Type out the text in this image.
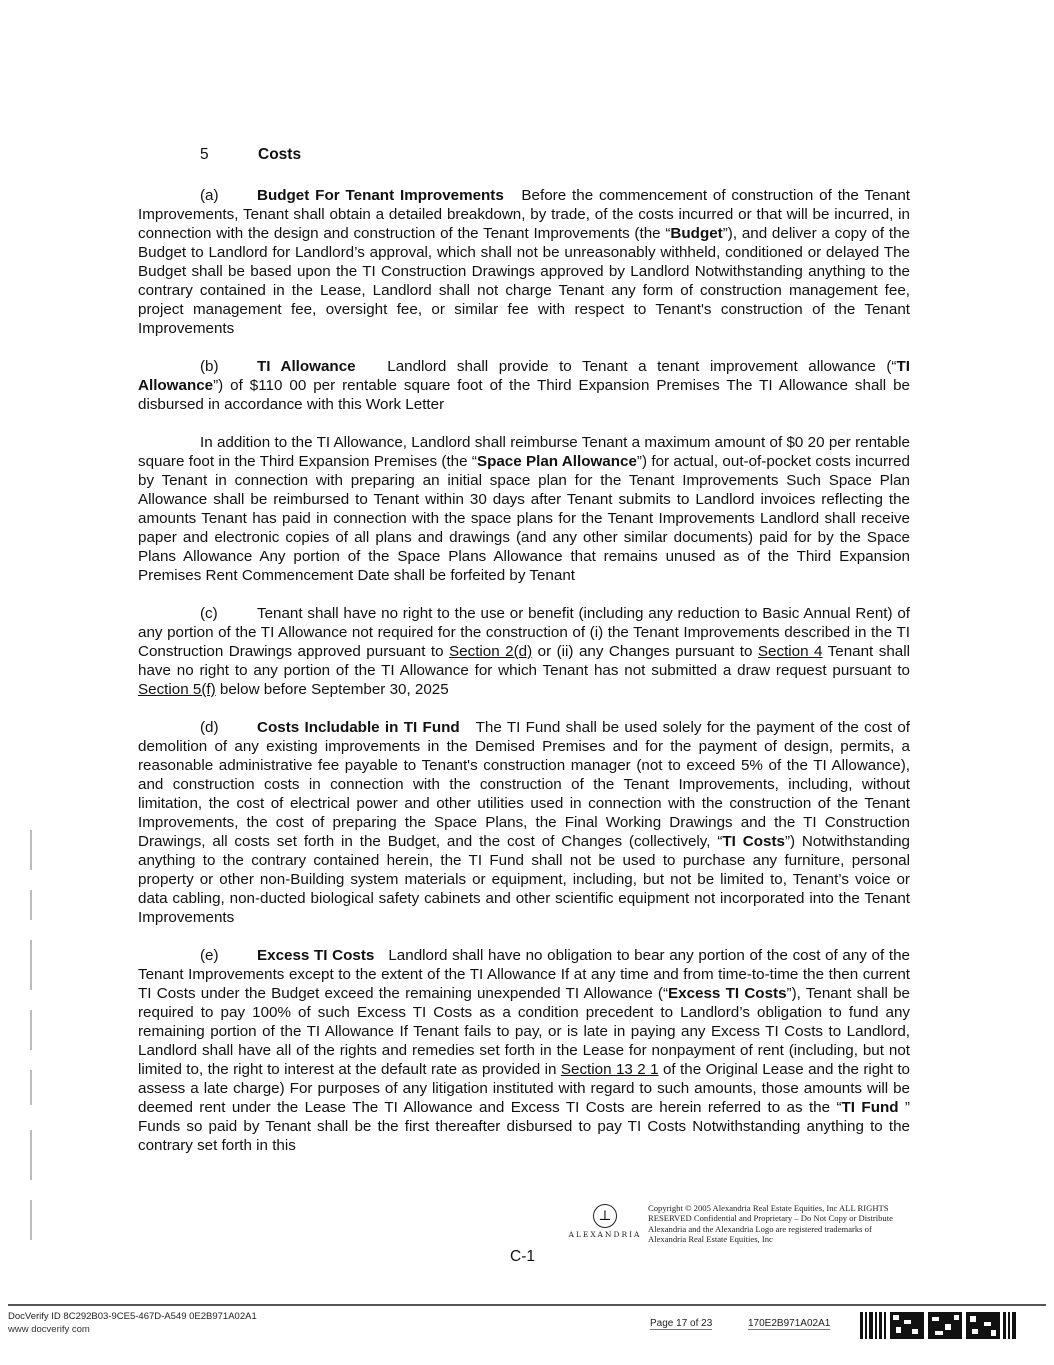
5	Costs

(a)	Budget For Tenant Improvements Before the commencement of construction of the Tenant Improvements, Tenant shall obtain a detailed breakdown, by trade, of the costs incurred or that will be incurred, in connection with the design and construction of the Tenant Improvements (the “Budget”), and deliver a copy of the Budget to Landlord for Landlord’s approval, which shall not be unreasonably withheld, conditioned or delayed The Budget shall be based upon the TI Construction Drawings approved by Landlord Notwithstanding anything to the contrary contained in the Lease, Landlord shall not charge Tenant any form of construction management fee, project management fee, oversight fee, or similar fee with respect to Tenant's construction of the Tenant Improvements

(b)	TI Allowance Landlord shall provide to Tenant a tenant improvement allowance (“TI Allowance”) of $110 00 per rentable square foot of the Third Expansion Premises The TI Allowance shall be disbursed in accordance with this Work Letter

In addition to the TI Allowance, Landlord shall reimburse Tenant a maximum amount of $0 20 per rentable square foot in the Third Expansion Premises (the “Space Plan Allowance”) for actual, out-of-pocket costs incurred by Tenant in connection with preparing an initial space plan for the Tenant Improvements Such Space Plan Allowance shall be reimbursed to Tenant within 30 days after Tenant submits to Landlord invoices reflecting the amounts Tenant has paid in connection with the space plans for the Tenant Improvements Landlord shall receive paper and electronic copies of all plans and drawings (and any other similar documents) paid for by the Space Plans Allowance Any portion of the Space Plans Allowance that remains unused as of the Third Expansion Premises Rent Commencement Date shall be forfeited by Tenant

(c)	Tenant shall have no right to the use or benefit (including any reduction to Basic Annual Rent) of any portion of the TI Allowance not required for the construction of (i) the Tenant Improvements described in the TI Construction Drawings approved pursuant to Section 2(d) or (ii) any Changes pursuant to Section 4 Tenant shall have no right to any portion of the TI Allowance for which Tenant has not submitted a draw request pursuant to Section 5(f) below before September 30, 2025

(d)	Costs Includable in TI Fund The TI Fund shall be used solely for the payment of the cost of demolition of any existing improvements in the Demised Premises and for the payment of design, permits, a reasonable administrative fee payable to Tenant's construction manager (not to exceed 5% of the TI Allowance), and construction costs in connection with the construction of the Tenant Improvements, including, without limitation, the cost of electrical power and other utilities used in connection with the construction of the Tenant Improvements, the cost of preparing the Space Plans, the Final Working Drawings and the TI Construction Drawings, all costs set forth in the Budget, and the cost of Changes (collectively, “TI Costs”) Notwithstanding anything to the contrary contained herein, the TI Fund shall not be used to purchase any furniture, personal property or other non-Building system materials or equipment, including, but not be limited to, Tenant’s voice or data cabling, non-ducted biological safety cabinets and other scientific equipment not incorporated into the Tenant Improvements

(e)	Excess TI Costs Landlord shall have no obligation to bear any portion of the cost of any of the Tenant Improvements except to the extent of the TI Allowance If at any time and from time-to-time the then current TI Costs under the Budget exceed the remaining unexpended TI Allowance (“Excess TI Costs”), Tenant shall be required to pay 100% of such Excess TI Costs as a condition precedent to Landlord’s obligation to fund any remaining portion of the TI Allowance If Tenant fails to pay, or is late in paying any Excess TI Costs to Landlord, Landlord shall have all of the rights and remedies set forth in the Lease for nonpayment of rent (including, but not limited to, the right to interest at the default rate as provided in Section 13 2 1 of the Original Lease and the right to assess a late charge) For purposes of any litigation instituted with regard to such amounts, those amounts will be deemed rent under the Lease The TI Allowance and Excess TI Costs are herein referred to as the “TI Fund ” Funds so paid by Tenant shall be the first thereafter disbursed to pay TI Costs Notwithstanding anything to the contrary set forth in this

⊥
ALEXANDRIA
Copyright © 2005 Alexandria Real Estate Equities, Inc ALL RIGHTS RESERVED Confidential and Proprietary – Do Not Copy or Distribute Alexandria and the Alexandria Logo are registered trademarks of Alexandria Real Estate Equities, Inc
C-1
DocVerify ID 8C292B03-9CE5-467D-A549 0E2B971A02A1
www docverify com
Page 17 of 23	170E2B971A02A1
